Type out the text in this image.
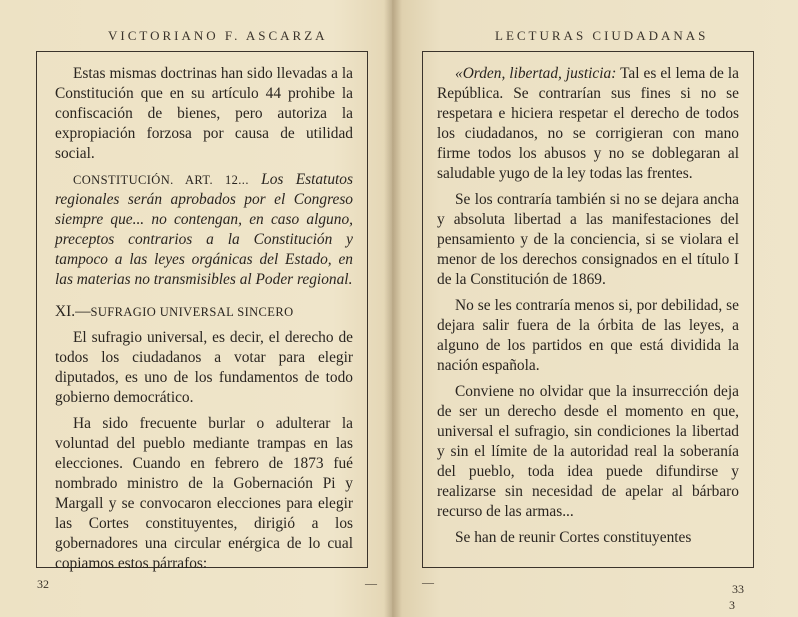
VICTORIANO F. ASCARZA

Estas mismas doctrinas han sido llevadas a la Constitución que en su artículo 44 prohibe la confiscación de bienes, pero autoriza la expropiación forzosa por causa de utilidad social.

CONSTITUCIÓN. ART. 12... Los Estatutos regionales serán aprobados por el Congreso siempre que... no contengan, en caso alguno, preceptos contrarios a la Constitución y tampoco a las leyes orgánicas del Estado, en las materias no transmisibles al Poder regional.

XI.—SUFRAGIO UNIVERSAL SINCERO

El sufragio universal, es decir, el derecho de todos los ciudadanos a votar para elegir diputados, es uno de los fundamentos de todo gobierno democrático.

Ha sido frecuente burlar o adulterar la voluntad del pueblo mediante trampas en las elecciones. Cuando en febrero de 1873 fué nombrado ministro de la Gobernación Pi y Margall y se convocaron elecciones para elegir las Cortes constituyentes, dirigió a los gobernadores una circular enérgica de lo cual copiamos estos párrafos:

32	—
LECTURAS CIUDADANAS

«Orden, libertad, justicia: Tal es el lema de la República. Se contrarían sus fines si no se respetara e hiciera respetar el derecho de todos los ciudadanos, no se corrigieran con mano firme todos los abusos y no se doblegaran al saludable yugo de la ley todas las frentes.

Se los contraría también si no se dejara ancha y absoluta libertad a las manifestaciones del pensamiento y de la conciencia, si se violara el menor de los derechos consignados en el título I de la Constitución de 1869.

No se les contraría menos si, por debilidad, se dejara salir fuera de la órbita de las leyes, a alguno de los partidos en que está dividida la nación española.

Conviene no olvidar que la insurrección deja de ser un derecho desde el momento en que, universal el sufragio, sin condiciones la libertad y sin el límite de la autoridad real la soberanía del pueblo, toda idea puede difundirse y realizarse sin necesidad de apelar al bárbaro recurso de las armas...

Se han de reunir Cortes constituyentes

—	33
3
